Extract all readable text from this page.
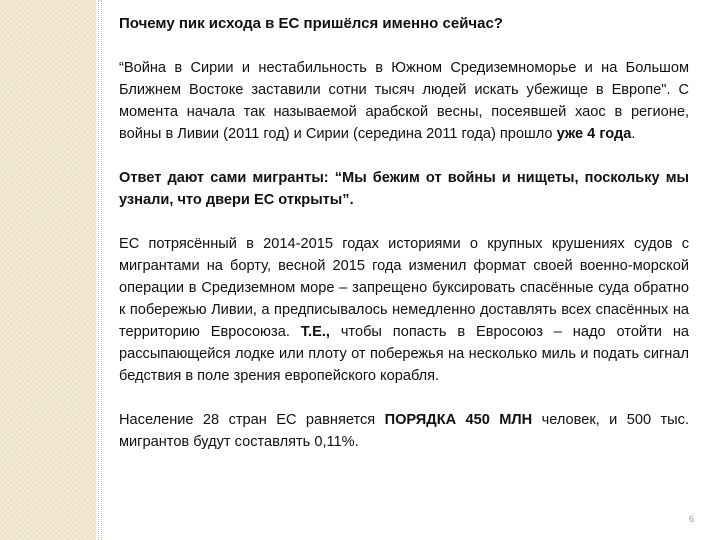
Почему пик исхода в ЕС пришёлся именно сейчас?

“Война в Сирии и нестабильность в Южном Средиземноморье и на Большом Ближнем Востоке заставили сотни тысяч людей искать убежище в Европе". С момента начала так называемой арабской весны, посеявшей хаос в регионе, войны в Ливии (2011 год) и Сирии (середина 2011 года) прошло уже 4 года.

Ответ дают сами мигранты: “Мы бежим от войны и нищеты, поскольку мы узнали, что двери ЕС открыты”.

ЕС потрясённый в 2014-2015 годах историями о крупных крушениях судов с мигрантами на борту, весной 2015 года изменил формат своей военно-морской операции в Средиземном море – запрещено буксировать спасённые суда обратно к побережью Ливии, а предписывалось немедленно доставлять всех спасённых на территорию Евросоюза. Т.Е., чтобы попасть в Евросоюз – надо отойти на рассыпающейся лодке или плоту от побережья на несколько миль и подать сигнал бедствия в поле зрения европейского корабля.

Население 28 стран ЕС равняется ПОРЯДКА 450 МЛН человек, и 500 тыс. мигрантов будут составлять 0,11%.

6
